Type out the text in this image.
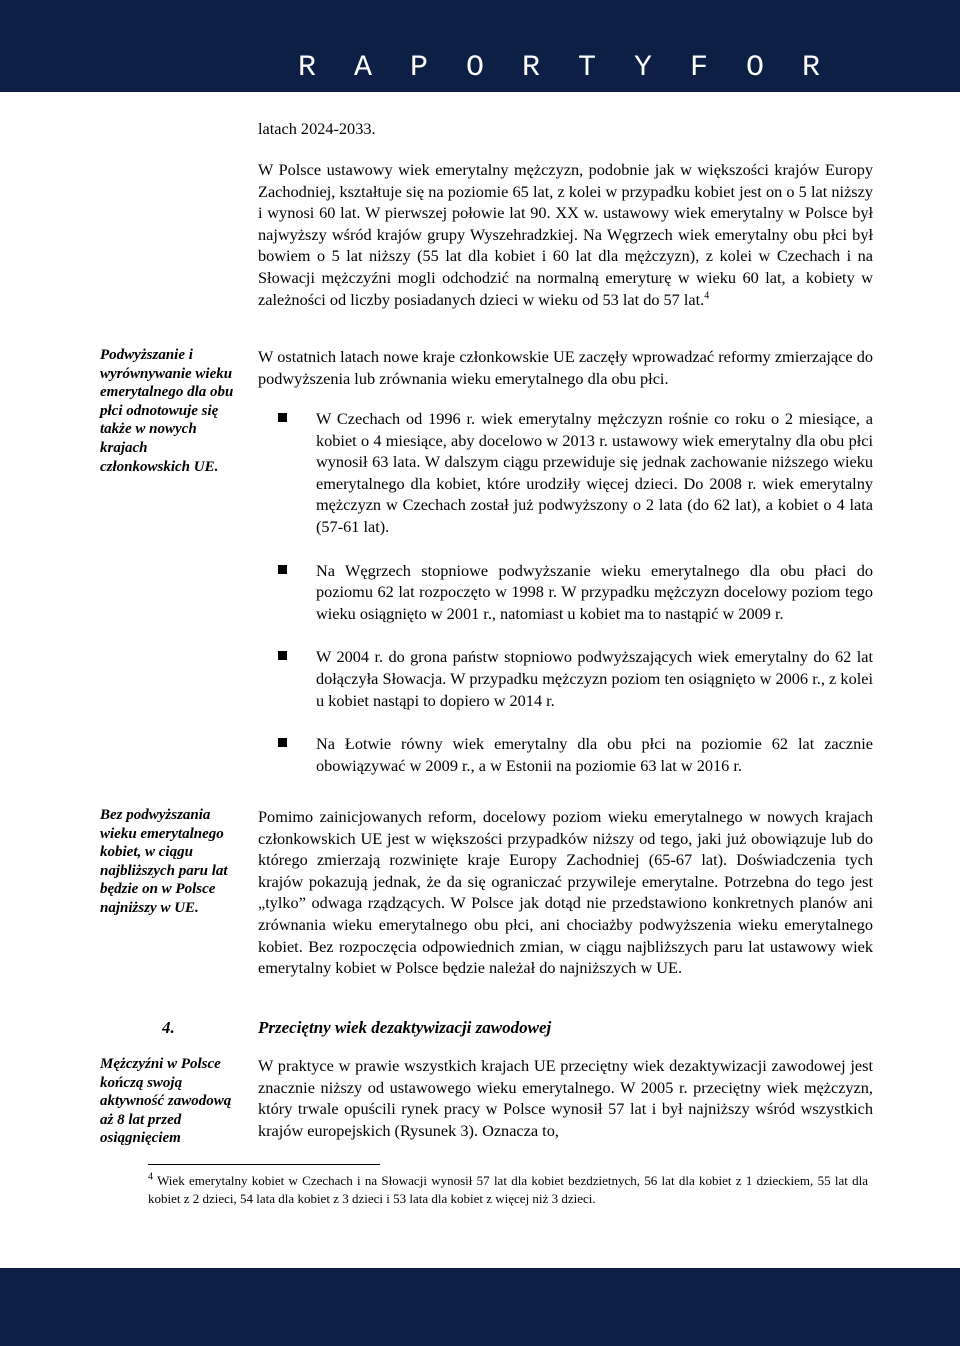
R A P O R T Y F O R

latach 2024-2033.

W Polsce ustawowy wiek emerytalny mężczyzn, podobnie jak w większości krajów Europy Zachodniej, kształtuje się na poziomie 65 lat, z kolei w przypadku kobiet jest on o 5 lat niższy i wynosi 60 lat. W pierwszej połowie lat 90. XX w. ustawowy wiek emerytalny w Polsce był najwyższy wśród krajów grupy Wyszehradzkiej. Na Węgrzech wiek emerytalny obu płci był bowiem o 5 lat niższy (55 lat dla kobiet i 60 lat dla mężczyzn), z kolei w Czechach i na Słowacji mężczyźni mogli odchodzić na normalną emeryturę w wieku 60 lat, a kobiety w zależności od liczby posiadanych dzieci w wieku od 53 lat do 57 lat.$^4$

Podwyższanie i wyrównywanie wieku emerytalnego dla obu płci odnotowuje się także w nowych krajach członkowskich UE.

W ostatnich latach nowe kraje członkowskie UE zaczęły wprowadzać reformy zmierzające do podwyższenia lub zrównania wieku emerytalnego dla obu płci.

W Czechach od 1996 r. wiek emerytalny mężczyzn rośnie co roku o 2 miesiące, a kobiet o 4 miesiące, aby docelowo w 2013 r. ustawowy wiek emerytalny dla obu płci wynosił 63 lata. W dalszym ciągu przewiduje się jednak zachowanie niższego wieku emerytalnego dla kobiet, które urodziły więcej dzieci. Do 2008 r. wiek emerytalny mężczyzn w Czechach został już podwyższony o 2 lata (do 62 lat), a kobiet o 4 lata (57-61 lat).
Na Węgrzech stopniowe podwyższanie wieku emerytalnego dla obu płaci do poziomu 62 lat rozpoczęto w 1998 r. W przypadku mężczyzn docelowy poziom tego wieku osiągnięto w 2001 r., natomiast u kobiet ma to nastąpić w 2009 r.
W 2004 r. do grona państw stopniowo podwyższających wiek emerytalny do 62 lat dołączyła Słowacja. W przypadku mężczyzn poziom ten osiągnięto w 2006 r., z kolei u kobiet nastąpi to dopiero w 2014 r.
Na Łotwie równy wiek emerytalny dla obu płci na poziomie 62 lat zacznie obowiązywać w 2009 r., a w Estonii na poziomie 63 lat w 2016 r.

Bez podwyższania wieku emerytalnego kobiet, w ciągu najbliższych paru lat będzie on w Polsce najniższy w UE.

Pomimo zainicjowanych reform, docelowy poziom wieku emerytalnego w nowych krajach członkowskich UE jest w większości przypadków niższy od tego, jaki już obowiązuje lub do którego zmierzają rozwinięte kraje Europy Zachodniej (65-67 lat). Doświadczenia tych krajów pokazują jednak, że da się ograniczać przywileje emerytalne. Potrzebna do tego jest „tylko” odwaga rządzących. W Polsce jak dotąd nie przedstawiono konkretnych planów ani zrównania wieku emerytalnego obu płci, ani chociażby podwyższenia wieku emerytalnego kobiet. Bez rozpoczęcia odpowiednich zmian, w ciągu najbliższych paru lat ustawowy wiek emerytalny kobiet w Polsce będzie należał do najniższych w UE.

4.	Przeciętny wiek dezaktywizacji zawodowej

Mężczyźni w Polsce kończą swoją aktywność zawodową aż 8 lat przed osiągnięciem

W praktyce w prawie wszystkich krajach UE przeciętny wiek dezaktywizacji zawodowej jest znacznie niższy od ustawowego wieku emerytalnego. W 2005 r. przeciętny wiek mężczyzn, który trwale opuścili rynek pracy w Polsce wynosił 57 lat i był najniższy wśród wszystkich krajów europejskich (Rysunek 3). Oznacza to,

$^4$ Wiek emerytalny kobiet w Czechach i na Słowacji wynosił 57 lat dla kobiet bezdzietnych, 56 lat dla kobiet z 1 dzieckiem, 55 lat dla kobiet z 2 dzieci, 54 lata dla kobiet z 3 dzieci i 53 lata dla kobiet z więcej niż 3 dzieci.
